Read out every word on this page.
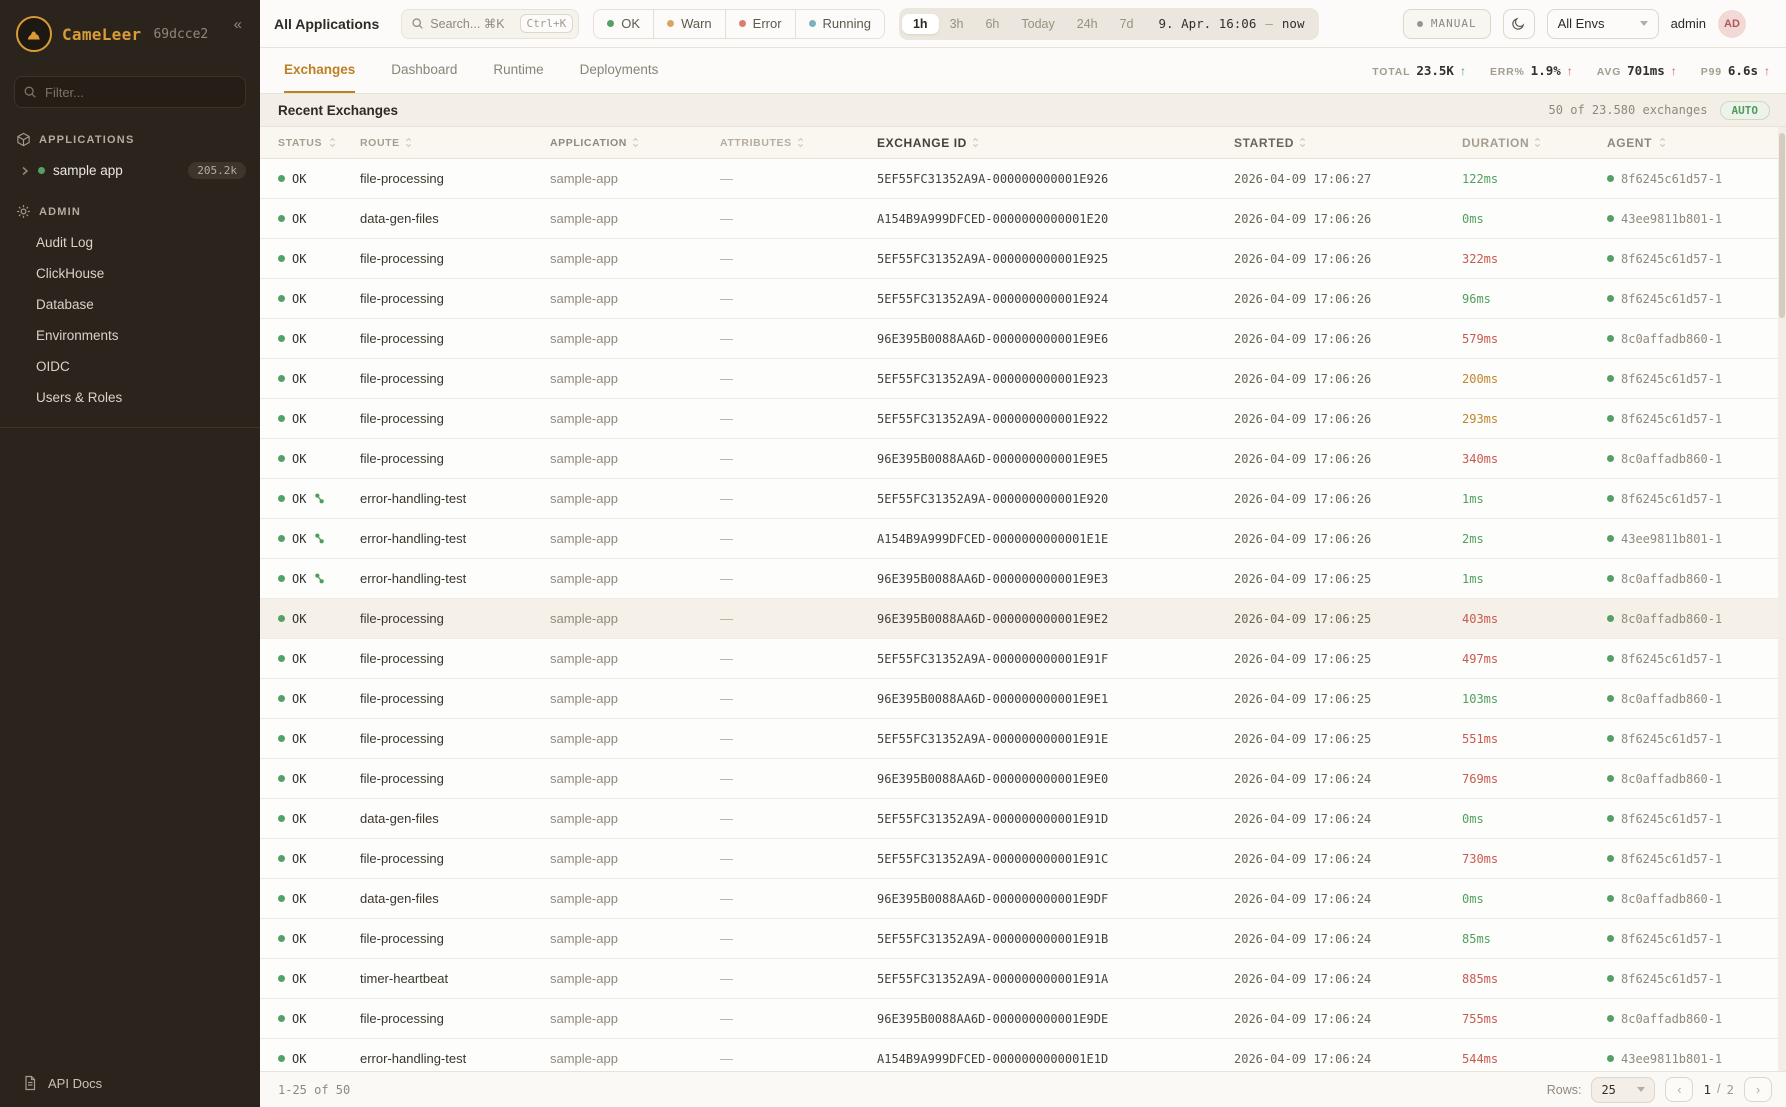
CameLeer 69dcce2
«
Filter...
APPLICATIONS
sample app	205.2k
ADMIN
Audit Log
ClickHouse
Database
Environments
OIDC
Users & Roles
API Docs
All Applications
Search... ⌘K	Ctrl+K	OK	Warn	Error	Running	1h	3h	6h	Today	24h	7d	9. Apr. 16:06 — now	MANUAL	All Envs	admin	AD
Exchanges	Dashboard	Runtime	Deployments	TOTAL 23.5K ↑ ERR% 1.9% ↑ AVG 701ms ↑ P99 6.6s ↑
Recent Exchanges	50 of 23.580 exchanges	AUTO
STATUS	ROUTE	APPLICATION	ATTRIBUTES	EXCHANGE ID	STARTED	DURATION	AGENT
OK	file-processing	sample-app	—	5EF55FC31352A9A-000000000001E926	2026-04-09 17:06:27	122ms	8f6245c61d57-1
OK	data-gen-files	sample-app	—	A154B9A999DFCED-0000000000001E20	2026-04-09 17:06:26	0ms	43ee9811b801-1
OK	file-processing	sample-app	—	5EF55FC31352A9A-000000000001E925	2026-04-09 17:06:26	322ms	8f6245c61d57-1
OK	file-processing	sample-app	—	5EF55FC31352A9A-000000000001E924	2026-04-09 17:06:26	96ms	8f6245c61d57-1
OK	file-processing	sample-app	—	96E395B0088AA6D-000000000001E9E6	2026-04-09 17:06:26	579ms	8c0affadb860-1
OK	file-processing	sample-app	—	5EF55FC31352A9A-000000000001E923	2026-04-09 17:06:26	200ms	8f6245c61d57-1
OK	file-processing	sample-app	—	5EF55FC31352A9A-000000000001E922	2026-04-09 17:06:26	293ms	8f6245c61d57-1
OK	file-processing	sample-app	—	96E395B0088AA6D-000000000001E9E5	2026-04-09 17:06:26	340ms	8c0affadb860-1
OK	error-handling-test	sample-app	—	5EF55FC31352A9A-000000000001E920	2026-04-09 17:06:26	1ms	8f6245c61d57-1
OK	error-handling-test	sample-app	—	A154B9A999DFCED-0000000000001E1E	2026-04-09 17:06:26	2ms	43ee9811b801-1
OK	error-handling-test	sample-app	—	96E395B0088AA6D-000000000001E9E3	2026-04-09 17:06:25	1ms	8c0affadb860-1
OK	file-processing	sample-app	—	96E395B0088AA6D-000000000001E9E2	2026-04-09 17:06:25	403ms	8c0affadb860-1
OK	file-processing	sample-app	—	5EF55FC31352A9A-000000000001E91F	2026-04-09 17:06:25	497ms	8f6245c61d57-1
OK	file-processing	sample-app	—	96E395B0088AA6D-000000000001E9E1	2026-04-09 17:06:25	103ms	8c0affadb860-1
OK	file-processing	sample-app	—	5EF55FC31352A9A-000000000001E91E	2026-04-09 17:06:25	551ms	8f6245c61d57-1
OK	file-processing	sample-app	—	96E395B0088AA6D-000000000001E9E0	2026-04-09 17:06:24	769ms	8c0affadb860-1
OK	data-gen-files	sample-app	—	5EF55FC31352A9A-000000000001E91D	2026-04-09 17:06:24	0ms	8f6245c61d57-1
OK	file-processing	sample-app	—	5EF55FC31352A9A-000000000001E91C	2026-04-09 17:06:24	730ms	8f6245c61d57-1
OK	data-gen-files	sample-app	—	96E395B0088AA6D-000000000001E9DF	2026-04-09 17:06:24	0ms	8c0affadb860-1
OK	file-processing	sample-app	—	5EF55FC31352A9A-000000000001E91B	2026-04-09 17:06:24	85ms	8f6245c61d57-1
OK	timer-heartbeat	sample-app	—	5EF55FC31352A9A-000000000001E91A	2026-04-09 17:06:24	885ms	8f6245c61d57-1
OK	file-processing	sample-app	—	96E395B0088AA6D-000000000001E9DE	2026-04-09 17:06:24	755ms	8c0affadb860-1
OK	error-handling-test	sample-app	—	A154B9A999DFCED-0000000000001E1D	2026-04-09 17:06:24	544ms	43ee9811b801-1
1-25 of 50	Rows: 25	‹	1 / 2	›
